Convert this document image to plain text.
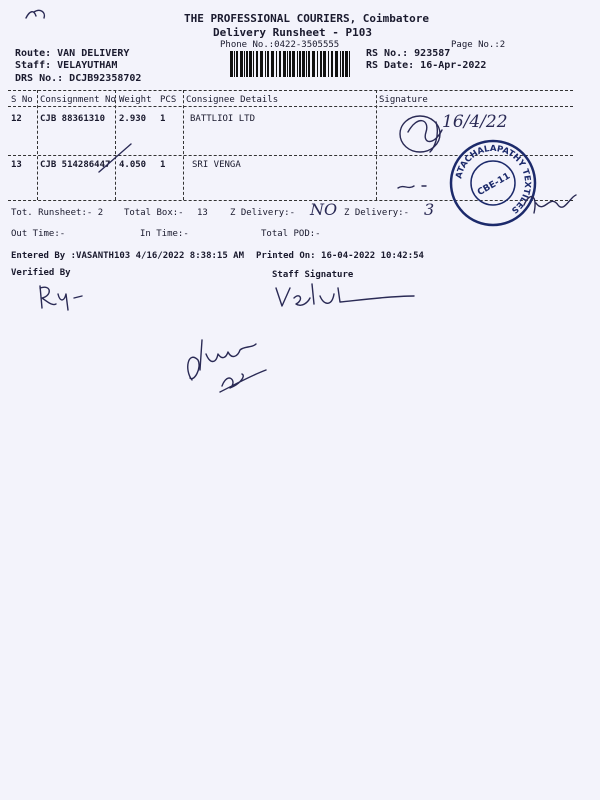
THE PROFESSIONAL COURIERS, Coimbatore
Delivery Runsheet - P103
Phone No.:0422-3505555	Page No.:2
Route: VAN DELIVERY
Staff: VELAYUTHAM
DRS No.: DCJB92358702
RS No.: 923587
RS Date: 16-Apr-2022
S No Consignment No Weight PCS Consignee Details	Signature
12 CJB 88361310 2.930 1	BATTLIOI LTD
13 CJB 514286447 4.050 1	SRI VENGA
16/4/22
ATACHALAPATHY TEXTILES
CBE-11
Tot. Runsheet:- 2 Total Box:- 13 Z Delivery:- NO Z Delivery:- 3
Out Time:-	In Time:-	Total POD:-
Entered By :VASANTH103 4/16/2022 8:38:15 AM Printed On: 16-04-2022 10:42:54
Verified By	Staff Signature
